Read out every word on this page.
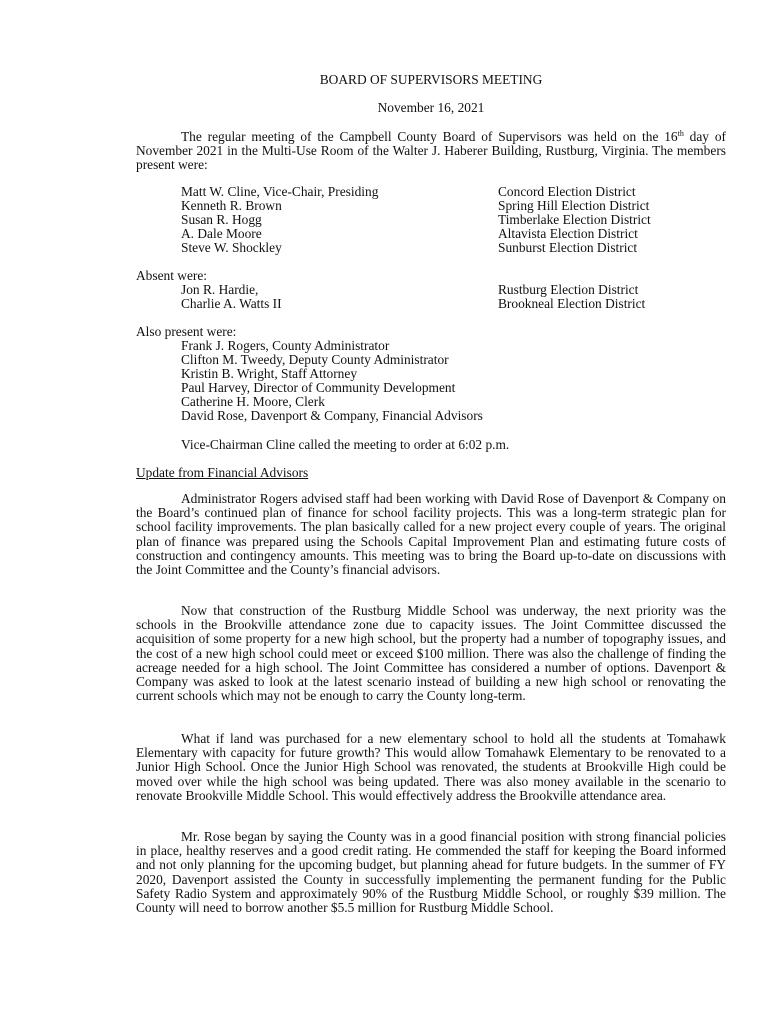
BOARD OF SUPERVISORS MEETING
November 16, 2021
The regular meeting of the Campbell County Board of Supervisors was held on the 16th day of November 2021 in the Multi-Use Room of the Walter J. Haberer Building, Rustburg, Virginia. The members present were:
Matt W. Cline, Vice-Chair, Presiding	Concord Election District
Kenneth R. Brown	Spring Hill Election District
Susan R. Hogg	Timberlake Election District
A. Dale Moore	Altavista Election District
Steve W. Shockley	Sunburst Election District
Absent were:
Jon R. Hardie,	Rustburg Election District
Charlie A. Watts II	Brookneal Election District
Also present were:
Frank J. Rogers, County Administrator
Clifton M. Tweedy, Deputy County Administrator
Kristin B. Wright, Staff Attorney
Paul Harvey, Director of Community Development
Catherine H. Moore, Clerk
David Rose, Davenport & Company, Financial Advisors
Vice-Chairman Cline called the meeting to order at 6:02 p.m.
Update from Financial Advisors
Administrator Rogers advised staff had been working with David Rose of Davenport & Company on the Board’s continued plan of finance for school facility projects. This was a long-term strategic plan for school facility improvements. The plan basically called for a new project every couple of years. The original plan of finance was prepared using the Schools Capital Improvement Plan and estimating future costs of construction and contingency amounts. This meeting was to bring the Board up-to-date on discussions with the Joint Committee and the County’s financial advisors.
Now that construction of the Rustburg Middle School was underway, the next priority was the schools in the Brookville attendance zone due to capacity issues. The Joint Committee discussed the acquisition of some property for a new high school, but the property had a number of topography issues, and the cost of a new high school could meet or exceed $100 million. There was also the challenge of finding the acreage needed for a high school. The Joint Committee has considered a number of options. Davenport & Company was asked to look at the latest scenario instead of building a new high school or renovating the current schools which may not be enough to carry the County long-term.
What if land was purchased for a new elementary school to hold all the students at Tomahawk Elementary with capacity for future growth? This would allow Tomahawk Elementary to be renovated to a Junior High School. Once the Junior High School was renovated, the students at Brookville High could be moved over while the high school was being updated. There was also money available in the scenario to renovate Brookville Middle School. This would effectively address the Brookville attendance area.
Mr. Rose began by saying the County was in a good financial position with strong financial policies in place, healthy reserves and a good credit rating. He commended the staff for keeping the Board informed and not only planning for the upcoming budget, but planning ahead for future budgets. In the summer of FY 2020, Davenport assisted the County in successfully implementing the permanent funding for the Public Safety Radio System and approximately 90% of the Rustburg Middle School, or roughly $39 million. The County will need to borrow another $5.5 million for Rustburg Middle School.
